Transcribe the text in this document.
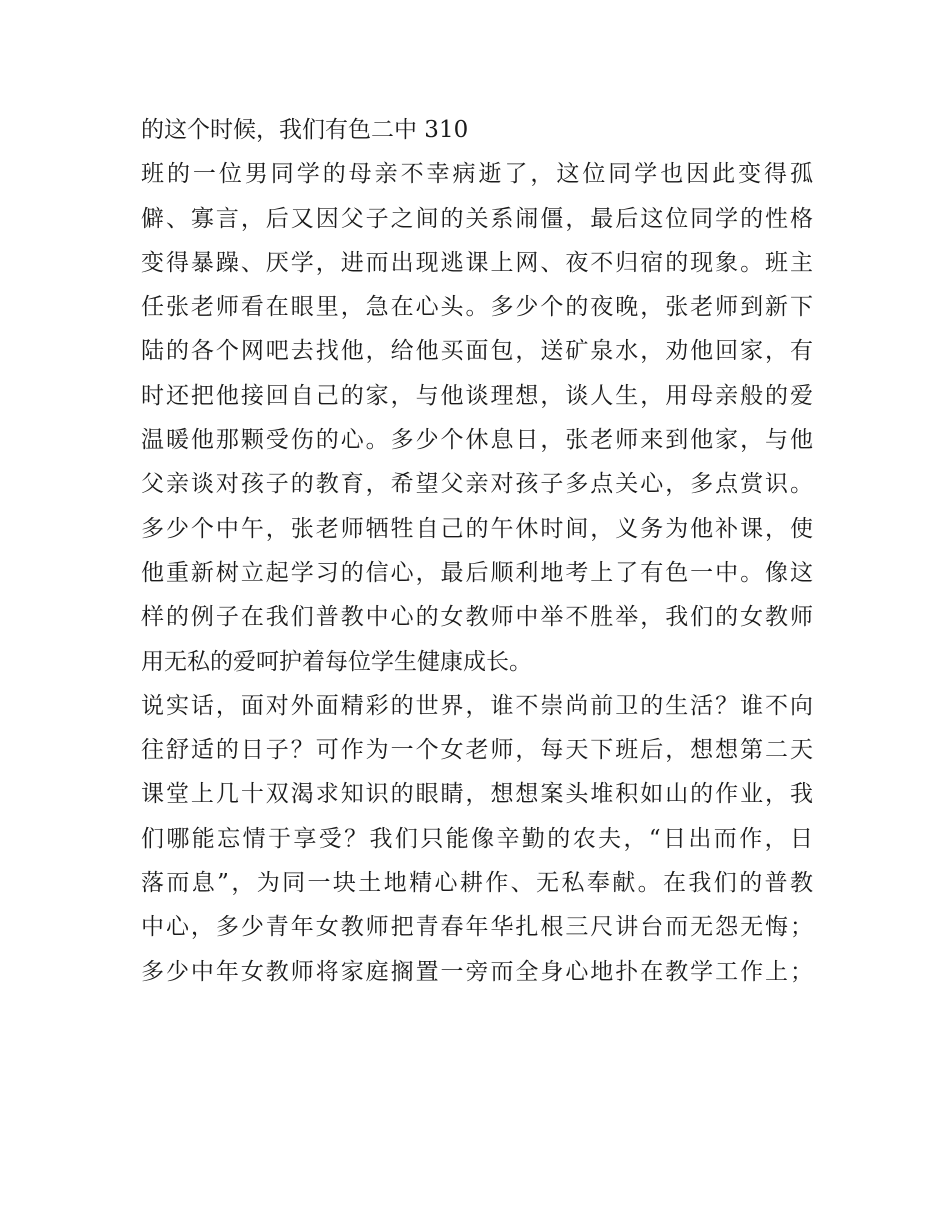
的这个时候，我们有色二中 310
班的一位男同学的母亲不幸病逝了，这位同学也因此变得孤
僻、寡言，后又因父子之间的关系闹僵，最后这位同学的性格
变得暴躁、厌学，进而出现逃课上网、夜不归宿的现象。班主
任张老师看在眼里，急在心头。多少个的夜晚，张老师到新下
陆的各个网吧去找他，给他买面包，送矿泉水，劝他回家，有
时还把他接回自己的家，与他谈理想，谈人生，用母亲般的爱
温暖他那颗受伤的心。多少个休息日，张老师来到他家，与他
父亲谈对孩子的教育，希望父亲对孩子多点关心，多点赏识。
多少个中午，张老师牺牲自己的午休时间，义务为他补课，使
他重新树立起学习的信心，最后顺利地考上了有色一中。像这
样的例子在我们普教中心的女教师中举不胜举，我们的女教师
用无私的爱呵护着每位学生健康成长。
说实话，面对外面精彩的世界，谁不崇尚前卫的生活？谁不向
往舒适的日子？可作为一个女老师，每天下班后，想想第二天
课堂上几十双渴求知识的眼睛，想想案头堆积如山的作业，我
们哪能忘情于享受？我们只能像辛勤的农夫，“日出而作，日
落而息”，为同一块土地精心耕作、无私奉献。在我们的普教
中心，多少青年女教师把青春年华扎根三尺讲台而无怨无悔；
多少中年女教师将家庭搁置一旁而全身心地扑在教学工作上；
